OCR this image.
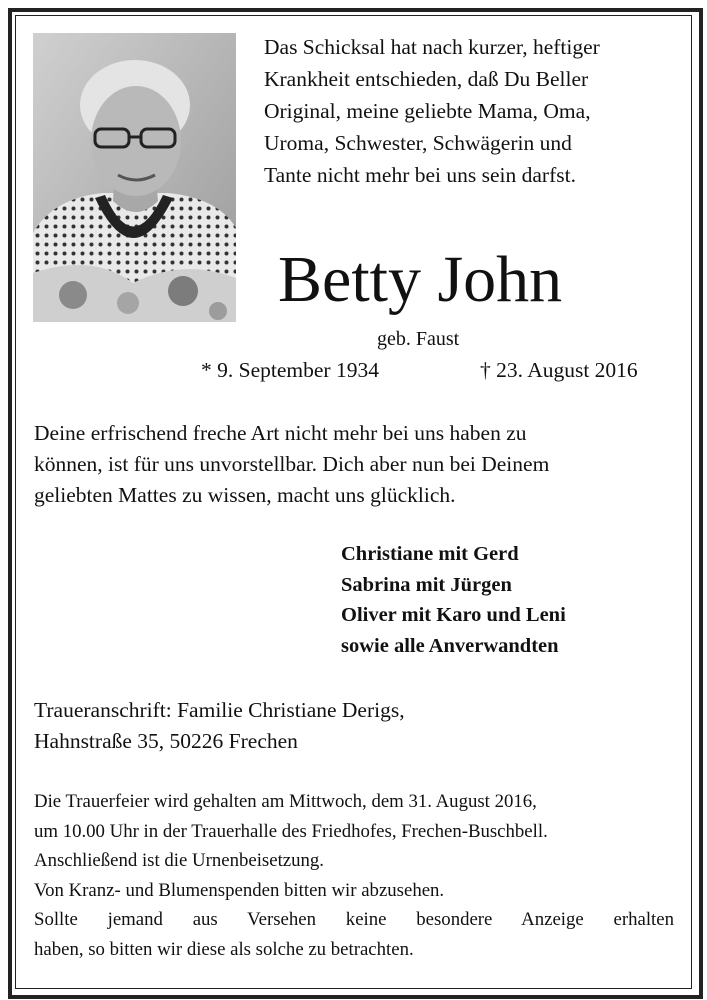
Das Schicksal hat nach kurzer, heftiger
Krankheit entschieden, daß Du Beller
Original, meine geliebte Mama, Oma,
Uroma, Schwester, Schwägerin und
Tante nicht mehr bei uns sein darfst.
Betty John
geb. Faust
* 9. September 1934	† 23. August 2016
Deine erfrischend freche Art nicht mehr bei uns haben zu
können, ist für uns unvorstellbar. Dich aber nun bei Deinem
geliebten Mattes zu wissen, macht uns glücklich.
Christiane mit Gerd
Sabrina mit Jürgen
Oliver mit Karo und Leni
sowie alle Anverwandten
Traueranschrift: Familie Christiane Derigs,
Hahnstraße 35, 50226 Frechen
Die Trauerfeier wird gehalten am Mittwoch, dem 31. August 2016,
um 10.00 Uhr in der Trauerhalle des Friedhofes, Frechen-Buschbell.
Anschließend ist die Urnenbeisetzung.
Von Kranz- und Blumenspenden bitten wir abzusehen.
Sollte jemand aus Versehen keine besondere Anzeige erhalten
haben, so bitten wir diese als solche zu betrachten.
